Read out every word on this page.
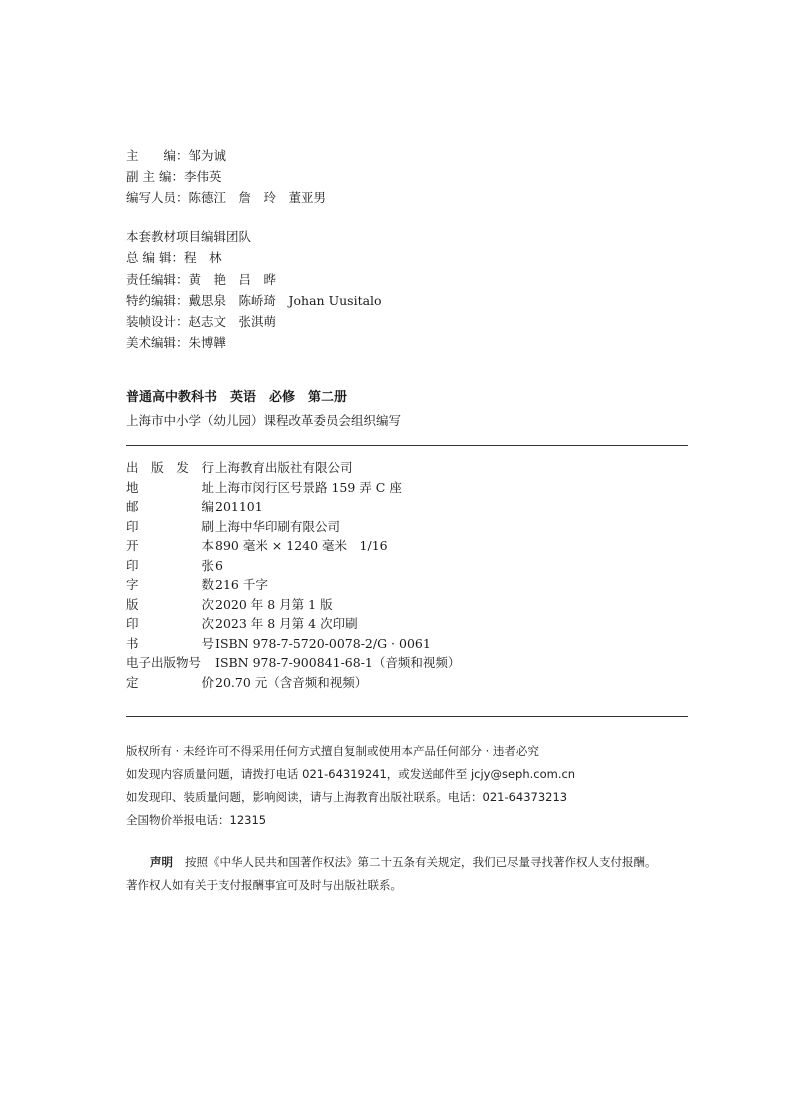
主　　编：邹为诚
副 主 编：李伟英
编写人员：陈德江　詹　玲　董亚男
本套教材项目编辑团队
总 编 辑：程　林
责任编辑：黄　艳　吕　晔
特约编辑：戴思泉　陈峤琦　Johan Uusitalo
装帧设计：赵志文　张淇萌
美术编辑：朱博韡
普通高中教科书　英语　必修　第二册
上海市中小学（幼儿园）课程改革委员会组织编写
出 版 发 行 上海教育出版社有限公司
地	址 上海市闵行区号景路 159 弄 C 座
邮	编 201101
印	刷 上海中华印刷有限公司
开	本 890 毫米 × 1240 毫米　1/16
印	张 6
字	数 216 千字
版	次 2020 年 8 月第 1 版
印	次 2023 年 8 月第 4 次印刷
书	号 ISBN 978-7-5720-0078-2/G · 0061
电子出版物号 ISBN 978-7-900841-68-1（音频和视频）
定	价 20.70 元（含音频和视频）
版权所有 · 未经许可不得采用任何方式擅自复制或使用本产品任何部分 · 违者必究
如发现内容质量问题，请拨打电话 021-64319241，或发送邮件至 jcjy@seph.com.cn
如发现印、装质量问题，影响阅读，请与上海教育出版社联系。电话：021-64373213
全国物价举报电话：12315
声明 按照《中华人民共和国著作权法》第二十五条有关规定，我们已尽量寻找著作权人支付报酬。
著作权人如有关于支付报酬事宜可及时与出版社联系。
